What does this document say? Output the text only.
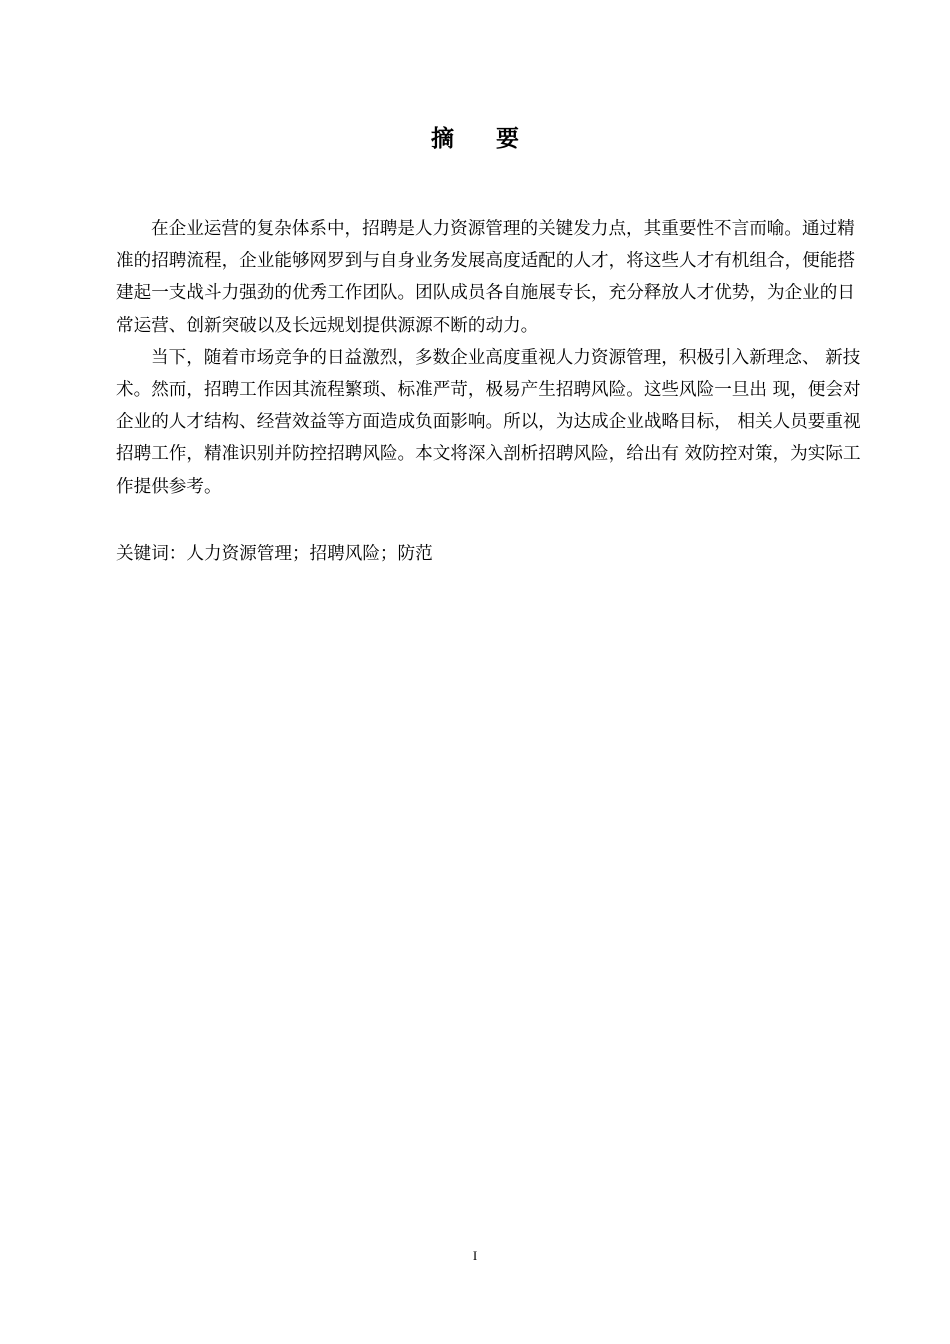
摘 要

在企业运营的复杂体系中，招聘是人力资源管理的关键发力点，其重要性不言而喻。通过精准的招聘流程，企业能够网罗到与自身业务发展高度适配的人才，将这些人才有机组合，便能搭建起一支战斗力强劲的优秀工作团队。团队成员各自施展专长，充分释放人才优势，为企业的日常运营、创新突破以及长远规划提供源源不断的动力。

当下，随着市场竞争的日益激烈，多数企业高度重视人力资源管理，积极引入新理念、 新技术。然而，招聘工作因其流程繁琐、标准严苛，极易产生招聘风险。这些风险一旦出 现，便会对企业的人才结构、经营效益等方面造成负面影响。所以，为达成企业战略目标， 相关人员要重视招聘工作，精准识别并防控招聘风险。本文将深入剖析招聘风险，给出有 效防控对策，为实际工作提供参考。

关键词：人力资源管理；招聘风险；防范
I
